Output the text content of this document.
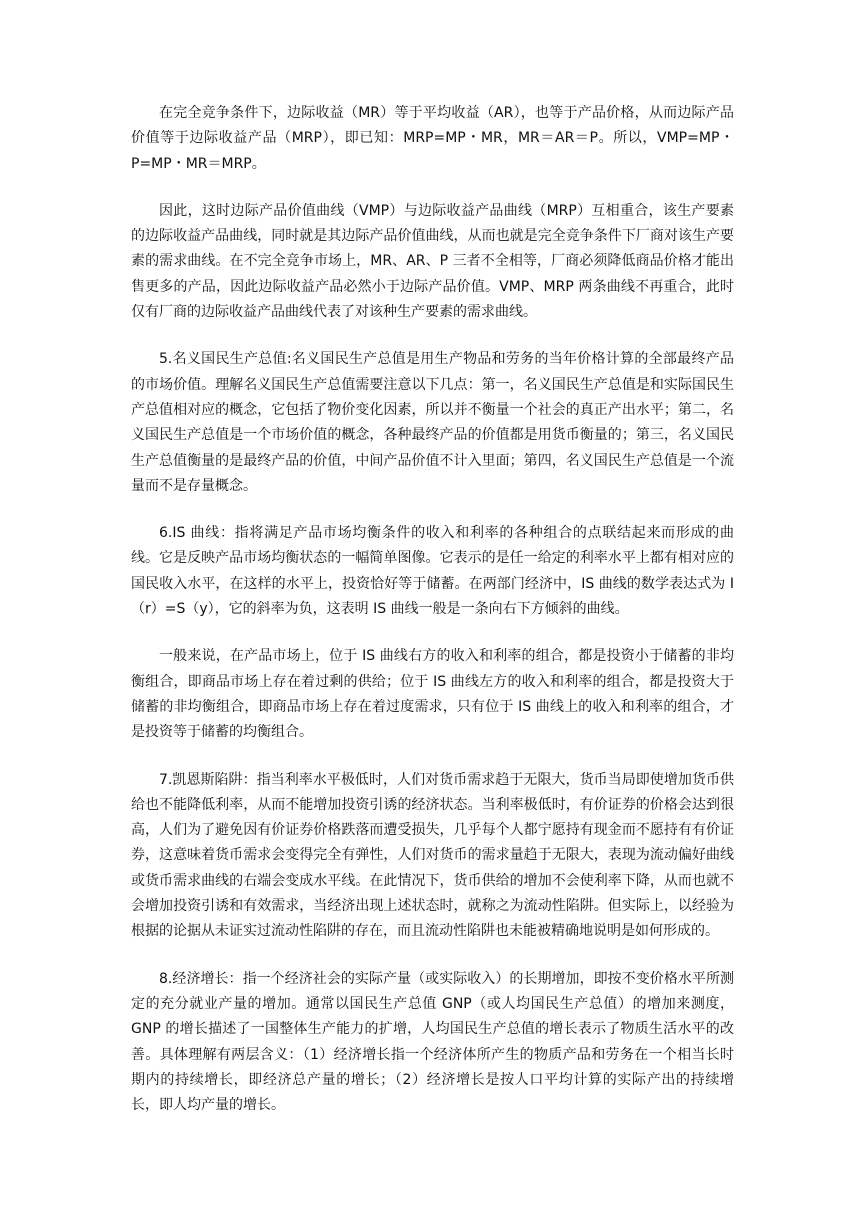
在完全竞争条件下，边际收益（MR）等于平均收益（AR），也等于产品价格，从而边际产品价值等于边际收益产品（MRP），即已知：MRP=MP・MR，MR＝AR＝P。所以，VMP=MP・P=MP・MR＝MRP。

因此，这时边际产品价值曲线（VMP）与边际收益产品曲线（MRP）互相重合，该生产要素的边际收益产品曲线，同时就是其边际产品价值曲线，从而也就是完全竞争条件下厂商对该生产要素的需求曲线。在不完全竞争市场上，MR、AR、P 三者不全相等，厂商必须降低商品价格才能出售更多的产品，因此边际收益产品必然小于边际产品价值。VMP、MRP 两条曲线不再重合，此时仅有厂商的边际收益产品曲线代表了对该种生产要素的需求曲线。

5.名义国民生产总值:名义国民生产总值是用生产物品和劳务的当年价格计算的全部最终产品的市场价值。理解名义国民生产总值需要注意以下几点：第一，名义国民生产总值是和实际国民生产总值相对应的概念，它包括了物价变化因素，所以并不衡量一个社会的真正产出水平；第二，名义国民生产总值是一个市场价值的概念，各种最终产品的价值都是用货币衡量的；第三，名义国民生产总值衡量的是最终产品的价值，中间产品价值不计入里面；第四，名义国民生产总值是一个流量而不是存量概念。

6.IS 曲线：指将满足产品市场均衡条件的收入和利率的各种组合的点联结起来而形成的曲线。它是反映产品市场均衡状态的一幅简单图像。它表示的是任一给定的利率水平上都有相对应的国民收入水平，在这样的水平上，投资恰好等于储蓄。在两部门经济中，IS 曲线的数学表达式为 I（r）=S（y），它的斜率为负，这表明 IS 曲线一般是一条向右下方倾斜的曲线。

一般来说，在产品市场上，位于 IS 曲线右方的收入和利率的组合，都是投资小于储蓄的非均衡组合，即商品市场上存在着过剩的供给；位于 IS 曲线左方的收入和利率的组合，都是投资大于储蓄的非均衡组合，即商品市场上存在着过度需求，只有位于 IS 曲线上的收入和利率的组合，才是投资等于储蓄的均衡组合。

7.凯恩斯陷阱：指当利率水平极低时，人们对货币需求趋于无限大，货币当局即使增加货币供给也不能降低利率，从而不能增加投资引诱的经济状态。当利率极低时，有价证券的价格会达到很高，人们为了避免因有价证券价格跌落而遭受损失，几乎每个人都宁愿持有现金而不愿持有有价证券，这意味着货币需求会变得完全有弹性，人们对货币的需求量趋于无限大，表现为流动偏好曲线或货币需求曲线的右端会变成水平线。在此情况下，货币供给的增加不会使利率下降，从而也就不会增加投资引诱和有效需求，当经济出现上述状态时，就称之为流动性陷阱。但实际上，以经验为根据的论据从未证实过流动性陷阱的存在，而且流动性陷阱也未能被精确地说明是如何形成的。

8.经济增长：指一个经济社会的实际产量（或实际收入）的长期增加，即按不变价格水平所测定的充分就业产量的增加。通常以国民生产总值 GNP（或人均国民生产总值）的增加来测度，GNP 的增长描述了一国整体生产能力的扩增，人均国民生产总值的增长表示了物质生活水平的改善。具体理解有两层含义：（1）经济增长指一个经济体所产生的物质产品和劳务在一个相当长时期内的持续增长，即经济总产量的增长；（2）经济增长是按人口平均计算的实际产出的持续增长，即人均产量的增长。
